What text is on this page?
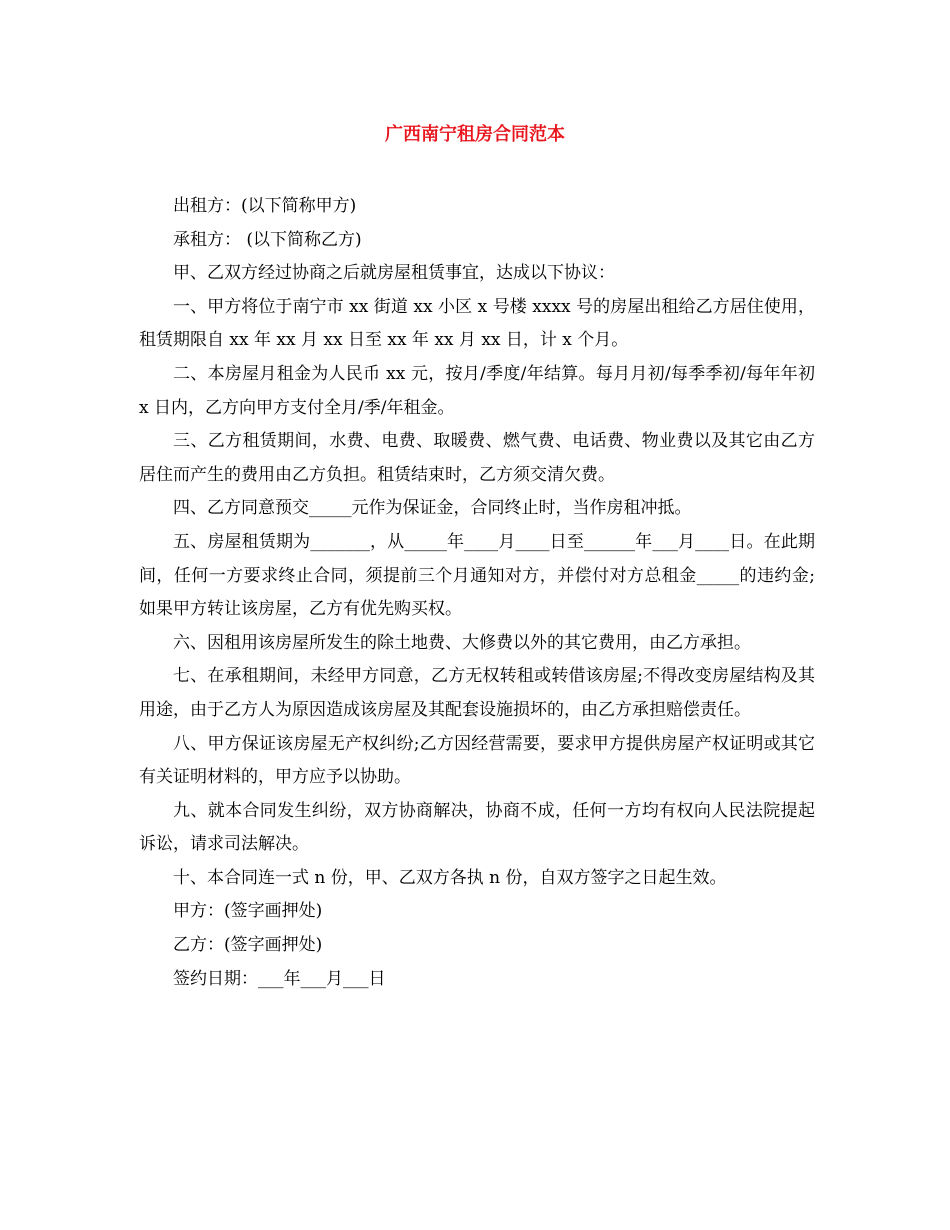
广西南宁租房合同范本

出租方：(以下简称甲方)

承租方： (以下简称乙方)

甲、乙双方经过协商之后就房屋租赁事宜，达成以下协议：

一、甲方将位于南宁市 xx 街道 xx 小区 x 号楼 xxxx 号的房屋出租给乙方居住使用，租赁期限自 xx 年 xx 月 xx 日至 xx 年 xx 月 xx 日，计 x 个月。

二、本房屋月租金为人民币 xx 元，按月/季度/年结算。每月月初/每季季初/每年年初 x 日内，乙方向甲方支付全月/季/年租金。

三、乙方租赁期间，水费、电费、取暖费、燃气费、电话费、物业费以及其它由乙方居住而产生的费用由乙方负担。租赁结束时，乙方须交清欠费。

四、乙方同意预交_____元作为保证金，合同终止时，当作房租冲抵。

五、房屋租赁期为_______，从_____年____月____日至______年___月____日。在此期间，任何一方要求终止合同，须提前三个月通知对方，并偿付对方总租金_____的违约金;如果甲方转让该房屋，乙方有优先购买权。

六、因租用该房屋所发生的除土地费、大修费以外的其它费用，由乙方承担。

七、在承租期间，未经甲方同意，乙方无权转租或转借该房屋;不得改变房屋结构及其用途，由于乙方人为原因造成该房屋及其配套设施损坏的，由乙方承担赔偿责任。

八、甲方保证该房屋无产权纠纷;乙方因经营需要，要求甲方提供房屋产权证明或其它有关证明材料的，甲方应予以协助。

九、就本合同发生纠纷，双方协商解决，协商不成，任何一方均有权向人民法院提起诉讼，请求司法解决。

十、本合同连一式 n 份，甲、乙双方各执 n 份，自双方签字之日起生效。

甲方：(签字画押处)

乙方：(签字画押处)

签约日期：___年___月___日
